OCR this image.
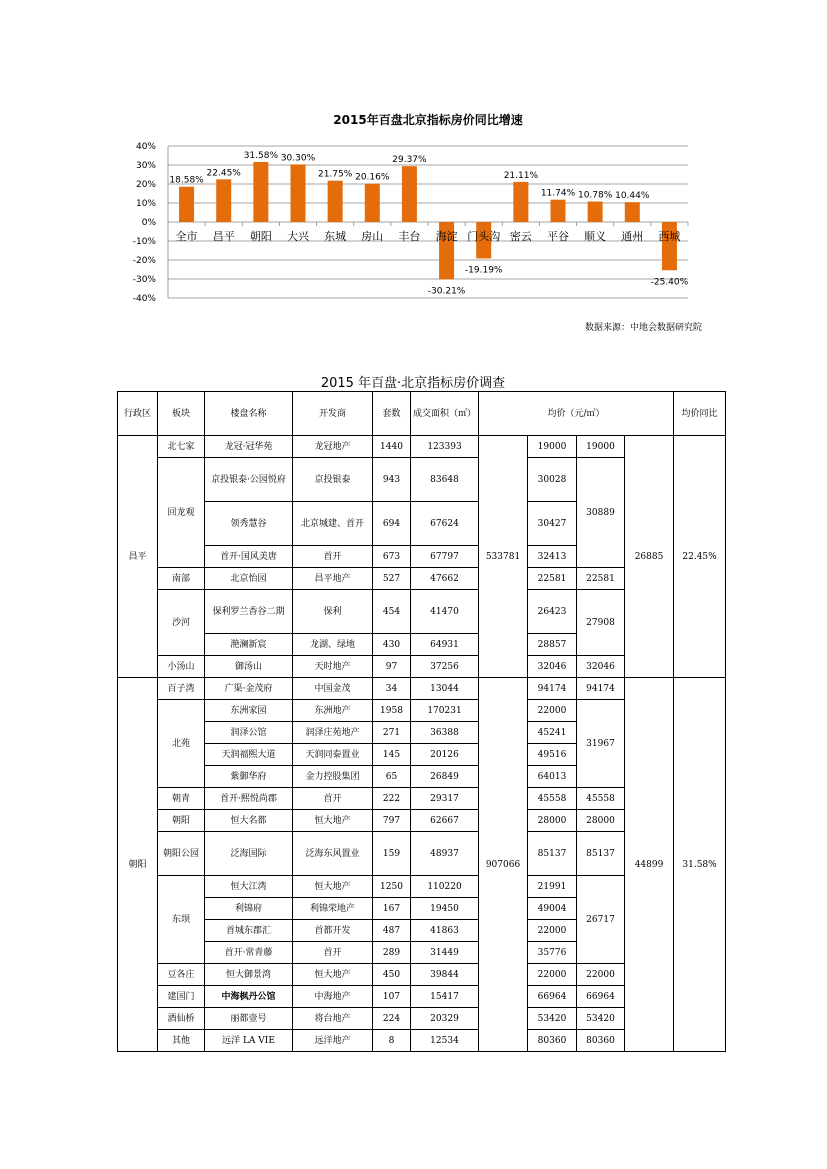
2015年百盘北京指标房价同比增速
40%
30%
20%
10%
0%
-10%
-20%
-30%
-40%
全市
18.58%
昌平
22.45%
朝阳
31.58%
大兴
30.30%
东城
21.75%
房山
20.16%
丰台
29.37%
海淀
-30.21%
门头沟
-19.19%
密云
21.11%
平谷
11.74%
顺义
10.78%
通州
10.44%
西城
-25.40%
数据来源：中地会数据研究院
2015 年百盘·北京指标房价调查
行政区	板块	楼盘名称	开发商	套数	成交面积（㎡）	均价（元/㎡）				均价同比
昌平	北七家	龙冠·冠华苑	龙冠地产	1440	123393	533781	19000	19000	26885	22.45%
	回龙观	京投银泰·公园悦府	京投银泰	943	83648		30028	30889		
		领秀慧谷	北京城建、首开	694	67624		30427			
		首开·国风美唐	首开	673	67797		32413			
	南部	北京怡园	昌平地产	527	47662		22581	22581		
	沙河	保利罗兰香谷二期	保利	454	41470		26423	27908		
		滟澜新宸	龙湖、绿地	430	64931		28857			
	小汤山	御汤山	天时地产	97	37256		32046	32046		
朝阳	百子湾	广渠·金茂府	中国金茂	34	13044	907066	94174	94174	44899	31.58%
	北苑	东洲家园	东洲地产	1958	170231		22000	31967		
		润泽公馆	润泽庄苑地产	271	36388		45241			
		天润福熙大道	天润同泰置业	145	20126		49516			
		紫御华府	金力控股集团	65	26849		64013			
	朝青	首开·熙悦尚郡	首开	222	29317		45558	45558		
	朝阳	恒大名都	恒大地产	797	62667		28000	28000		
	朝阳公园	泛海国际	泛海东风置业	159	48937		85137	85137		
	东坝	恒大江湾	恒大地产	1250	110220		21991	26717		
		利锦府	利锦荣地产	167	19450		49004			
		首城东郡汇	首都开发	487	41863		22000			
		首开·常青藤	首开	289	31449		35776			
	豆各庄	恒大御景湾	恒大地产	450	39844		22000	22000		
	建国门	中海枫丹公馆	中海地产	107	15417		66964	66964		
	酒仙桥	丽都壹号	将台地产	224	20329		53420	53420		
	其他	远洋 LA VIE	远洋地产	8	12534		80360	80360		
